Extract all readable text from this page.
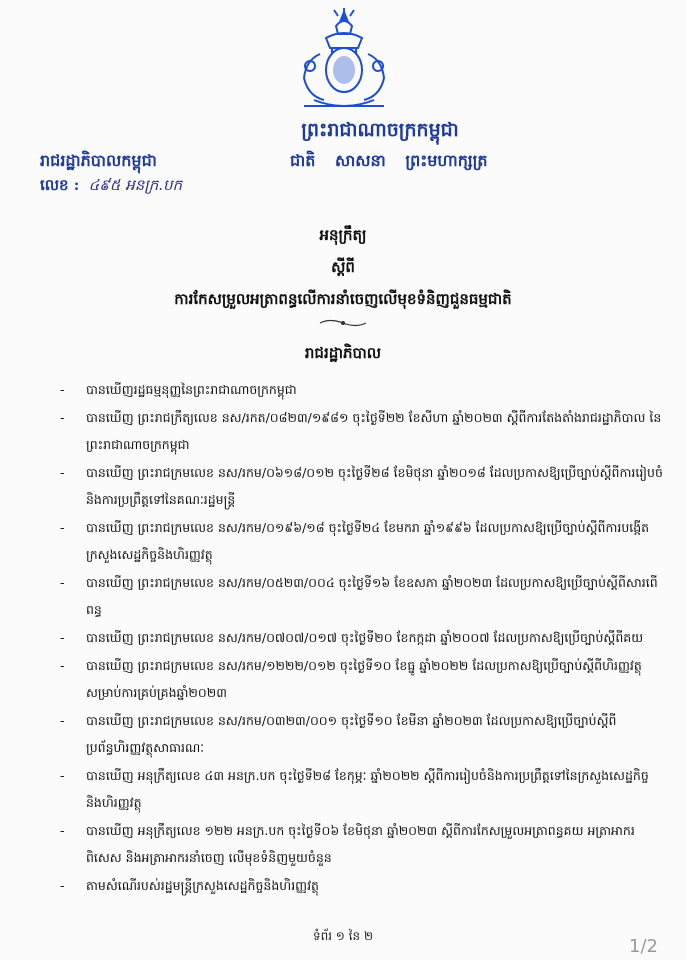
ព្រះរាជាណាចក្រកម្ពុជា
រាជរដ្ឋាភិបាលកម្ពុជា	ជាតិ សាសនា ព្រះមហាក្សត្រ
លេខ : ៤៩៥ អនក្រ.បក
អនុក្រឹត្យ
ស្ដីពី
ការកែសម្រួលអត្រាពន្ធលើការនាំចេញលើមុខទំនិញជួនធម្មជាតិ
រាជរដ្ឋាភិបាល
- បានឃើញរដ្ឋធម្មនុញ្ញនៃព្រះរាជាណាចក្រកម្ពុជា
- បានឃើញ ព្រះរាជក្រឹត្យលេខ នស/រកត/០៨២៣/១៩៨១ ចុះថ្ងៃទី២២ ខែសីហា ឆ្នាំ២០២៣ ស្ដីពីការតែងតាំងរាជរដ្ឋាភិបាល នៃព្រះរាជាណាចក្រកម្ពុជា
- បានឃើញ ព្រះរាជក្រមលេខ នស/រកម/០៦១៨/០១២ ចុះថ្ងៃទី២៨ ខែមិថុនា ឆ្នាំ២០១៨ ដែលប្រកាសឱ្យប្រើច្បាប់ស្ដីពីការរៀបចំនិងការប្រព្រឹត្តទៅនៃគណៈរដ្ឋមន្ត្រី
- បានឃើញ ព្រះរាជក្រមលេខ នស/រកម/០១៩៦/១៨ ចុះថ្ងៃទី២៤ ខែមករា ឆ្នាំ១៩៩៦ ដែលប្រកាសឱ្យប្រើច្បាប់ស្ដីពីការបង្កើតក្រសួងសេដ្ឋកិច្ចនិងហិរញ្ញវត្ថុ
- បានឃើញ ព្រះរាជក្រមលេខ នស/រកម/០៥២៣/០០៤ ចុះថ្ងៃទី១៦ ខែឧសភា ឆ្នាំ២០២៣ ដែលប្រកាសឱ្យប្រើច្បាប់ស្ដីពីសារពើពន្ធ
- បានឃើញ ព្រះរាជក្រមលេខ នស/រកម/០៧០៧/០១៧ ចុះថ្ងៃទី២០ ខែកក្កដា ឆ្នាំ២០០៧ ដែលប្រកាសឱ្យប្រើច្បាប់ស្ដីពីគយ
- បានឃើញ ព្រះរាជក្រមលេខ នស/រកម/១២២២/០១២ ចុះថ្ងៃទី១០ ខែធ្នូ ឆ្នាំ២០២២ ដែលប្រកាសឱ្យប្រើច្បាប់ស្ដីពីហិរញ្ញវត្ថុសម្រាប់ការគ្រប់គ្រងឆ្នាំ២០២៣
- បានឃើញ ព្រះរាជក្រមលេខ នស/រកម/០៣២៣/០០១ ចុះថ្ងៃទី១០ ខែមីនា ឆ្នាំ២០២៣ ដែលប្រកាសឱ្យប្រើច្បាប់ស្ដីពីប្រព័ន្ធហិរញ្ញវត្ថុសាធារណៈ
- បានឃើញ អនុក្រឹត្យលេខ ៤៣ អនក្រ.បក ចុះថ្ងៃទី២៨ ខែកុម្ភៈ ឆ្នាំ២០២២ ស្ដីពីការរៀបចំនិងការប្រព្រឹត្តទៅនៃក្រសួងសេដ្ឋកិច្ចនិងហិរញ្ញវត្ថុ
- បានឃើញ អនុក្រឹត្យលេខ ១២២ អនក្រ.បក ចុះថ្ងៃទី០៦ ខែមិថុនា ឆ្នាំ២០២៣ ស្ដីពីការកែសម្រួលអត្រាពន្ធគយ អត្រាអាករពិសេស និងអត្រាអាករនាំចេញ លើមុខទំនិញមួយចំនួន
- តាមសំណើរបស់រដ្ឋមន្ត្រីក្រសួងសេដ្ឋកិច្ចនិងហិរញ្ញវត្ថុ
ទំព័រ ១ នៃ ២	1/2
